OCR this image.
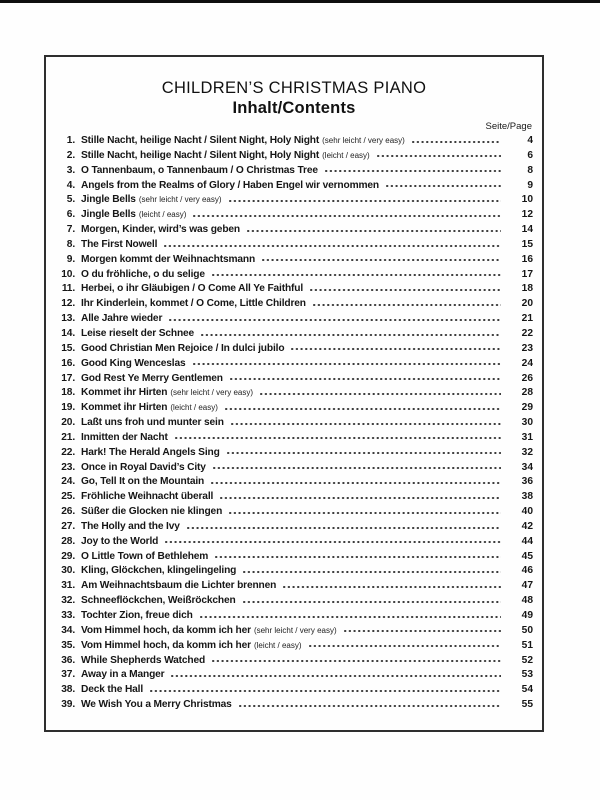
CHILDREN’S CHRISTMAS PIANO
Inhalt/Contents
Seite/Page
1. Stille Nacht, heilige Nacht / Silent Night, Holy Night (sehr leicht / very easy)	4
2. Stille Nacht, heilige Nacht / Silent Night, Holy Night (leicht / easy)	6
3. O Tannenbaum, o Tannenbaum / O Christmas Tree	8
4. Angels from the Realms of Glory / Haben Engel wir vernommen	9
5. Jingle Bells (sehr leicht / very easy)	10
6. Jingle Bells (leicht / easy)	12
7. Morgen, Kinder, wird’s was geben	14
8. The First Nowell	15
9. Morgen kommt der Weihnachtsmann	16
10. O du fröhliche, o du selige	17
11. Herbei, o ihr Gläubigen / O Come All Ye Faithful	18
12. Ihr Kinderlein, kommet / O Come, Little Children	20
13. Alle Jahre wieder	21
14. Leise rieselt der Schnee	22
15. Good Christian Men Rejoice / In dulci jubilo	23
16. Good King Wenceslas	24
17. God Rest Ye Merry Gentlemen	26
18. Kommet ihr Hirten (sehr leicht / very easy)	28
19. Kommet ihr Hirten (leicht / easy)	29
20. Laßt uns froh und munter sein	30
21. Inmitten der Nacht	31
22. Hark! The Herald Angels Sing	32
23. Once in Royal David’s City	34
24. Go, Tell It on the Mountain	36
25. Fröhliche Weihnacht überall	38
26. Süßer die Glocken nie klingen	40
27. The Holly and the Ivy	42
28. Joy to the World	44
29. O Little Town of Bethlehem	45
30. Kling, Glöckchen, klingelingeling	46
31. Am Weihnachtsbaum die Lichter brennen	47
32. Schneeflöckchen, Weißröckchen	48
33. Tochter Zion, freue dich	49
34. Vom Himmel hoch, da komm ich her (sehr leicht / very easy)	50
35. Vom Himmel hoch, da komm ich her (leicht / easy)	51
36. While Shepherds Watched	52
37. Away in a Manger	53
38. Deck the Hall	54
39. We Wish You a Merry Christmas	55
